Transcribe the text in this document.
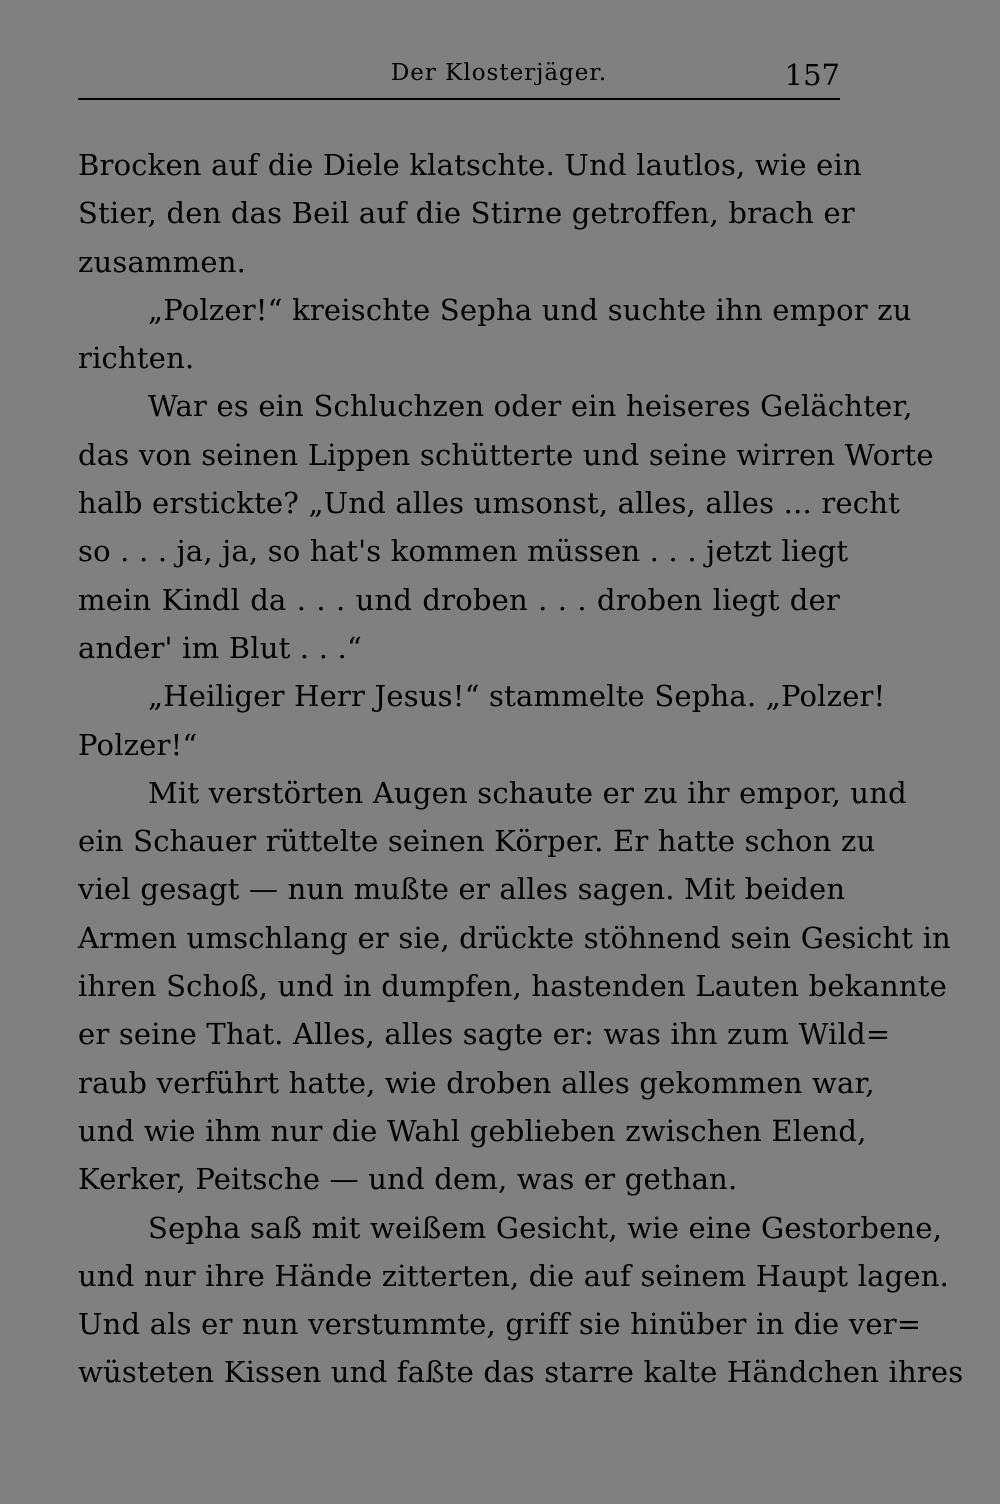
Der Klosterjäger.	157
Brocken auf die Diele klatschte. Und lautlos, wie ein
Stier, den das Beil auf die Stirne getroffen, brach er
zusammen.
„Polzer!“ kreischte Sepha und suchte ihn empor zu
richten.
War es ein Schluchzen oder ein heiseres Gelächter,
das von seinen Lippen schütterte und seine wirren Worte
halb erstickte? „Und alles umsonst, alles, alles ... recht
so . . . ja, ja, so hat's kommen müssen . . . jetzt liegt
mein Kindl da . . . und droben . . . droben liegt der
ander' im Blut . . .“
„Heiliger Herr Jesus!“ stammelte Sepha. „Polzer!
Polzer!“
Mit verstörten Augen schaute er zu ihr empor, und
ein Schauer rüttelte seinen Körper. Er hatte schon zu
viel gesagt — nun mußte er alles sagen. Mit beiden
Armen umschlang er sie, drückte stöhnend sein Gesicht in
ihren Schoß, und in dumpfen, hastenden Lauten bekannte
er seine That. Alles, alles sagte er: was ihn zum Wild=
raub verführt hatte, wie droben alles gekommen war,
und wie ihm nur die Wahl geblieben zwischen Elend,
Kerker, Peitsche — und dem, was er gethan.
Sepha saß mit weißem Gesicht, wie eine Gestorbene,
und nur ihre Hände zitterten, die auf seinem Haupt lagen.
Und als er nun verstummte, griff sie hinüber in die ver=
wüsteten Kissen und faßte das starre kalte Händchen ihres
